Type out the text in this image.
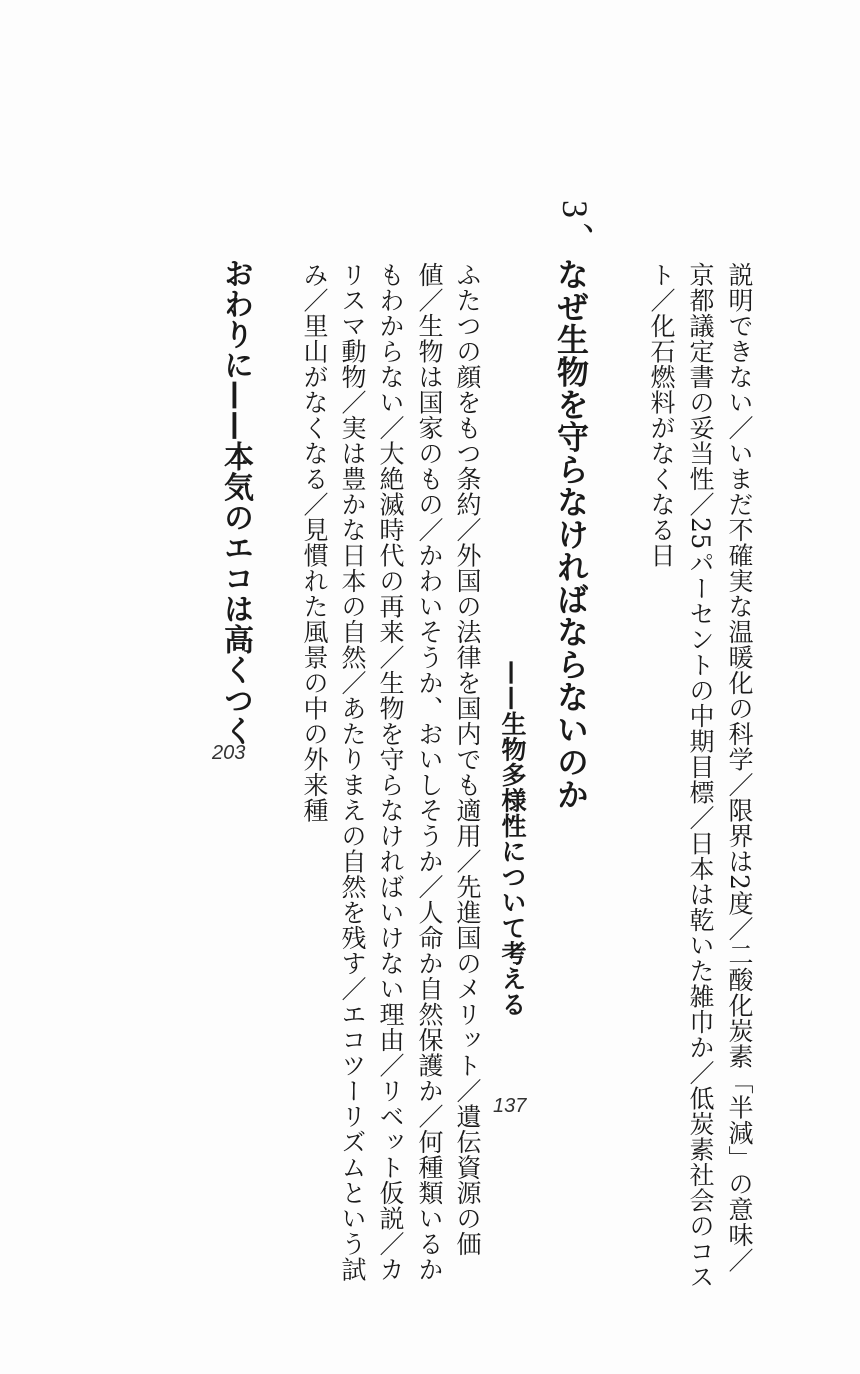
説明できない／いまだ不確実な温暖化の科学／限界は2度／二酸化炭素「半減」の意味／
京都議定書の妥当性／25パーセントの中期目標／日本は乾いた雑巾か／低炭素社会のコス
ト／化石燃料がなくなる日
3、
なぜ生物を守らなければならないのか
——生物多様性について考える
137
ふたつの顔をもつ条約／外国の法律を国内でも適用／先進国のメリット／遺伝資源の価
値／生物は国家のもの／かわいそうか、おいしそうか／人命か自然保護か／何種類いるか
もわからない／大絶滅時代の再来／生物を守らなければいけない理由／リベット仮説／カ
リスマ動物／実は豊かな日本の自然／あたりまえの自然を残す／エコツーリズムという試
み／里山がなくなる／見慣れた風景の中の外来種
おわりに——本気のエコは高くつく
203
